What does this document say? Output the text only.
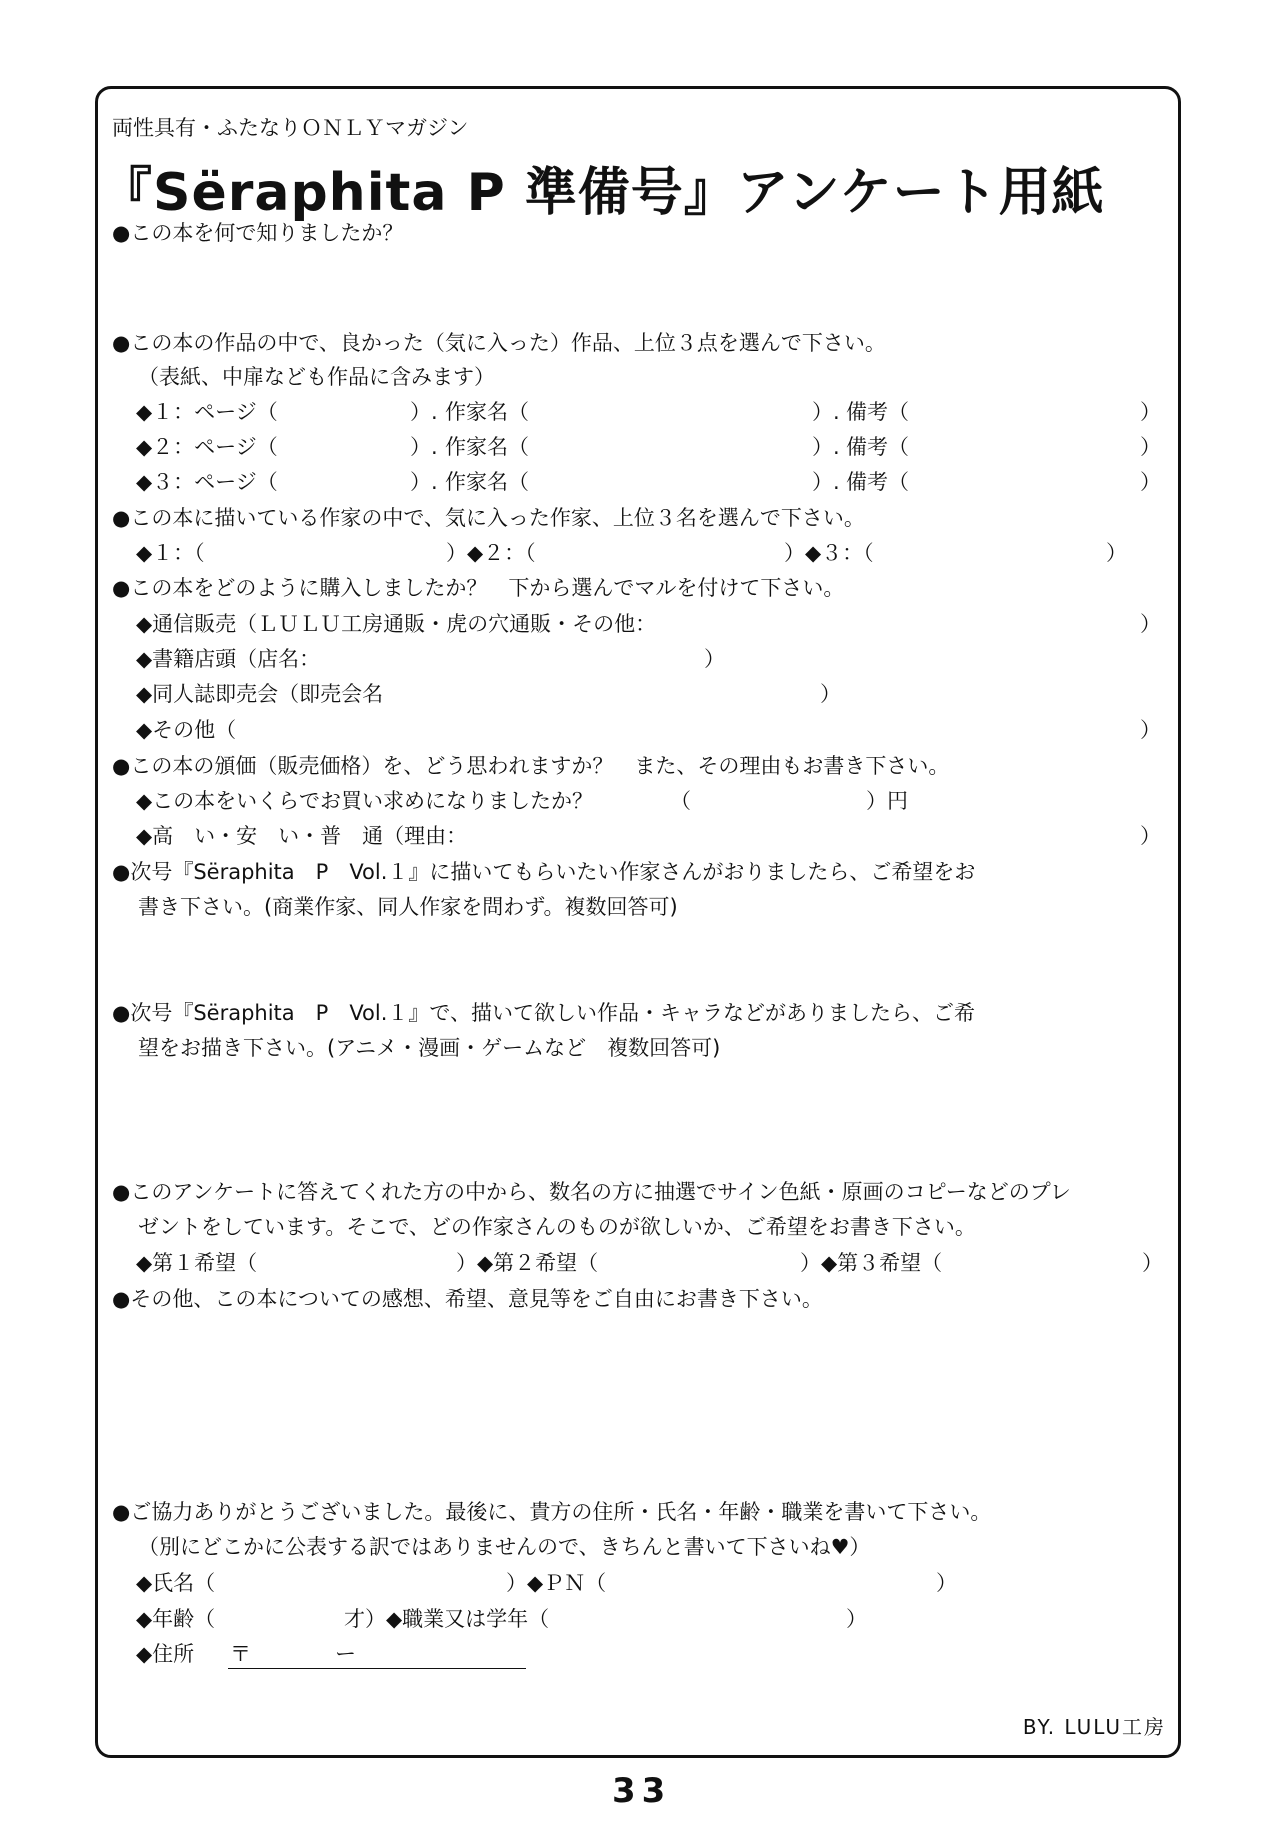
両性具有・ふたなりＯＮＬＹマガジン
『Sëraphita P 準備号』アンケート用紙
●この本を何で知りましたか？
●この本の作品の中で、良かった（気に入った）作品、上位３点を選んで下さい。
（表紙、中扉なども作品に含みます）
◆１：ページ（	）. 作家名（	）. 備考（	）
◆２：ページ（	）. 作家名（	）. 備考（	）
◆３：ページ（	）. 作家名（	）. 備考（	）
●この本に描いている作家の中で、気に入った作家、上位３名を選んで下さい。
◆１：（	）◆２：（	）◆３：（	）
●この本をどのように購入しましたか？　下から選んでマルを付けて下さい。
◆通信販売（ＬＵＬＵ工房通販・虎の穴通販・その他：	）
◆書籍店頭（店名：	）
◆同人誌即売会（即売会名	）
◆その他（	）
●この本の頒価（販売価格）を、どう思われますか？　また、その理由もお書き下さい。
◆この本をいくらでお買い求めになりましたか？	（	）円
◆高　い・安　い・普　通（理由：	）
●次号『Sëraphita　P　Vol.１』に描いてもらいたい作家さんがおりましたら、ご希望をお
書き下さい。(商業作家、同人作家を問わず。複数回答可)
●次号『Sëraphita　P　Vol.１』で、描いて欲しい作品・キャラなどがありましたら、ご希
望をお描き下さい。(アニメ・漫画・ゲームなど　複数回答可)
●このアンケートに答えてくれた方の中から、数名の方に抽選でサイン色紙・原画のコピーなどのプレ
ゼントをしています。そこで、どの作家さんのものが欲しいか、ご希望をお書き下さい。
◆第１希望（	）◆第２希望（	）◆第３希望（	）
●その他、この本についての感想、希望、意見等をご自由にお書き下さい。
●ご協力ありがとうございました。最後に、貴方の住所・氏名・年齢・職業を書いて下さい。
（別にどこかに公表する訳ではありませんので、きちんと書いて下さいね♥）
◆氏名（	）◆ＰＮ（	）
◆年齢（	才）◆職業又は学年（	）
◆住所 〒　　　　ー
BY. LULU工房
33
